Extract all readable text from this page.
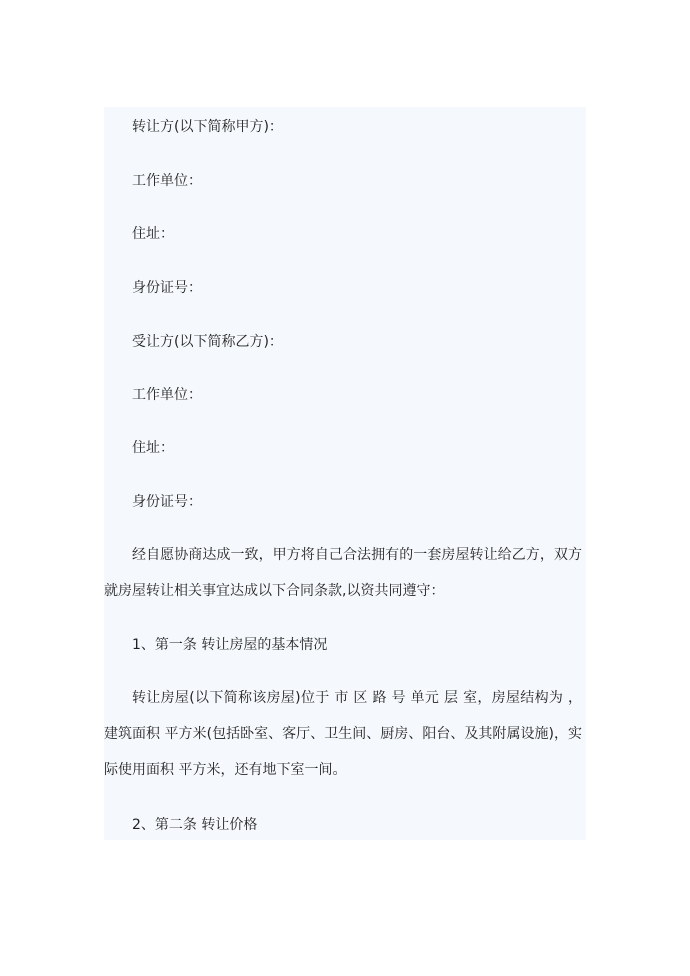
转让方(以下简称甲方)：

工作单位：

住址：

身份证号：

受让方(以下简称乙方)：

工作单位：

住址：

身份证号：

经自愿协商达成一致，甲方将自己合法拥有的一套房屋转让给乙方，双方就房屋转让相关事宜达成以下合同条款,以资共同遵守：

1、第一条 转让房屋的基本情况

转让房屋(以下简称该房屋)位于 市 区 路 号 单元 层 室，房屋结构为 ，建筑面积 平方米(包括卧室、客厅、卫生间、厨房、阳台、及其附属设施)，实际使用面积 平方米，还有地下室一间。

2、第二条 转让价格
